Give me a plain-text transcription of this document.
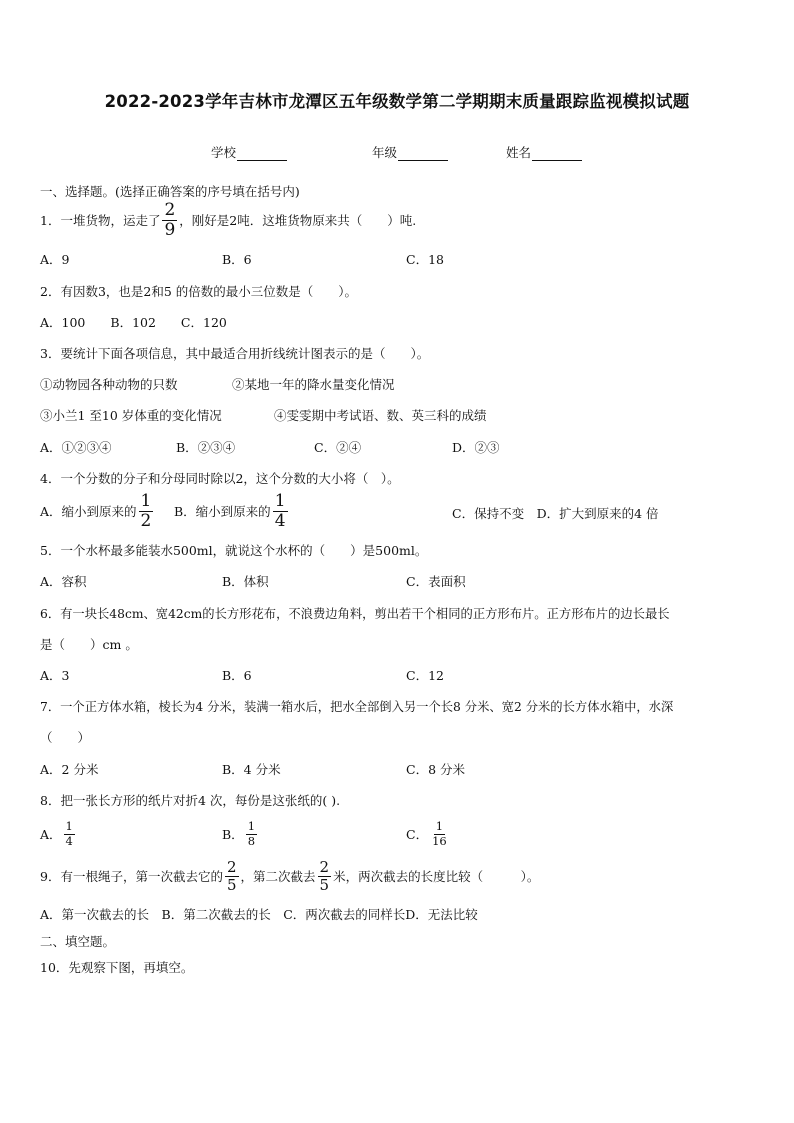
2022-2023学年吉林市龙潭区五年级数学第二学期期末质量跟踪监视模拟试题
学校	年级	姓名
一、选择题。(选择正确答案的序号填在括号内)
1．一堆货物，运走了 $\frac{2}{9}$ ，刚好是2吨．这堆货物原来共（　　）吨.
A．9	B．6	C．18
2．有因数3，也是2和5 的倍数的最小三位数是（　　）。
A．100　　B．102　　C．120
3．要统计下面各项信息，其中最适合用折线统计图表示的是（　　）。
①动物园各种动物的只数	②某地一年的降水量变化情况
③小兰1 至10 岁体重的变化情况	④雯雯期中考试语、数、英三科的成绩
A．①②③④	B．②③④	C．②④	D．②③
4．一个分数的分子和分母同时除以2，这个分数的大小将（　）。
A．缩小到原来的 $\frac{1}{2}$ B．缩小到原来的 $\frac{1}{4}$	C．保持不变　D．扩大到原来的4 倍
5．一个水杯最多能装水500ml，就说这个水杯的（　　）是500ml。
A．容积	B．体积	C．表面积
6．有一块长48cm、宽42cm的长方形花布，不浪费边角料，剪出若干个相同的正方形布片。正方形布片的边长最长
是（　　）cm 。
A．3	B．6	C．12
7．一个正方体水箱，棱长为4 分米，装满一箱水后，把水全部倒入另一个长8 分米、宽2 分米的长方体水箱中，水深
（　　）
A．2 分米	B．4 分米	C．8 分米
8．把一张长方形的纸片对折4 次，每份是这张纸的( ).
A． $\frac{1}{4}$	B． $\frac{1}{8}$	C． $\frac{1}{16}$
9．有一根绳子，第一次截去它的 $\frac{2}{5}$ ，第二次截去 $\frac{2}{5}$ 米，两次截去的长度比较（　　　）。
A．第一次截去的长　B．第二次截去的长　C．两次截去的同样长D．无法比较
二、填空题。
10．先观察下图，再填空。
